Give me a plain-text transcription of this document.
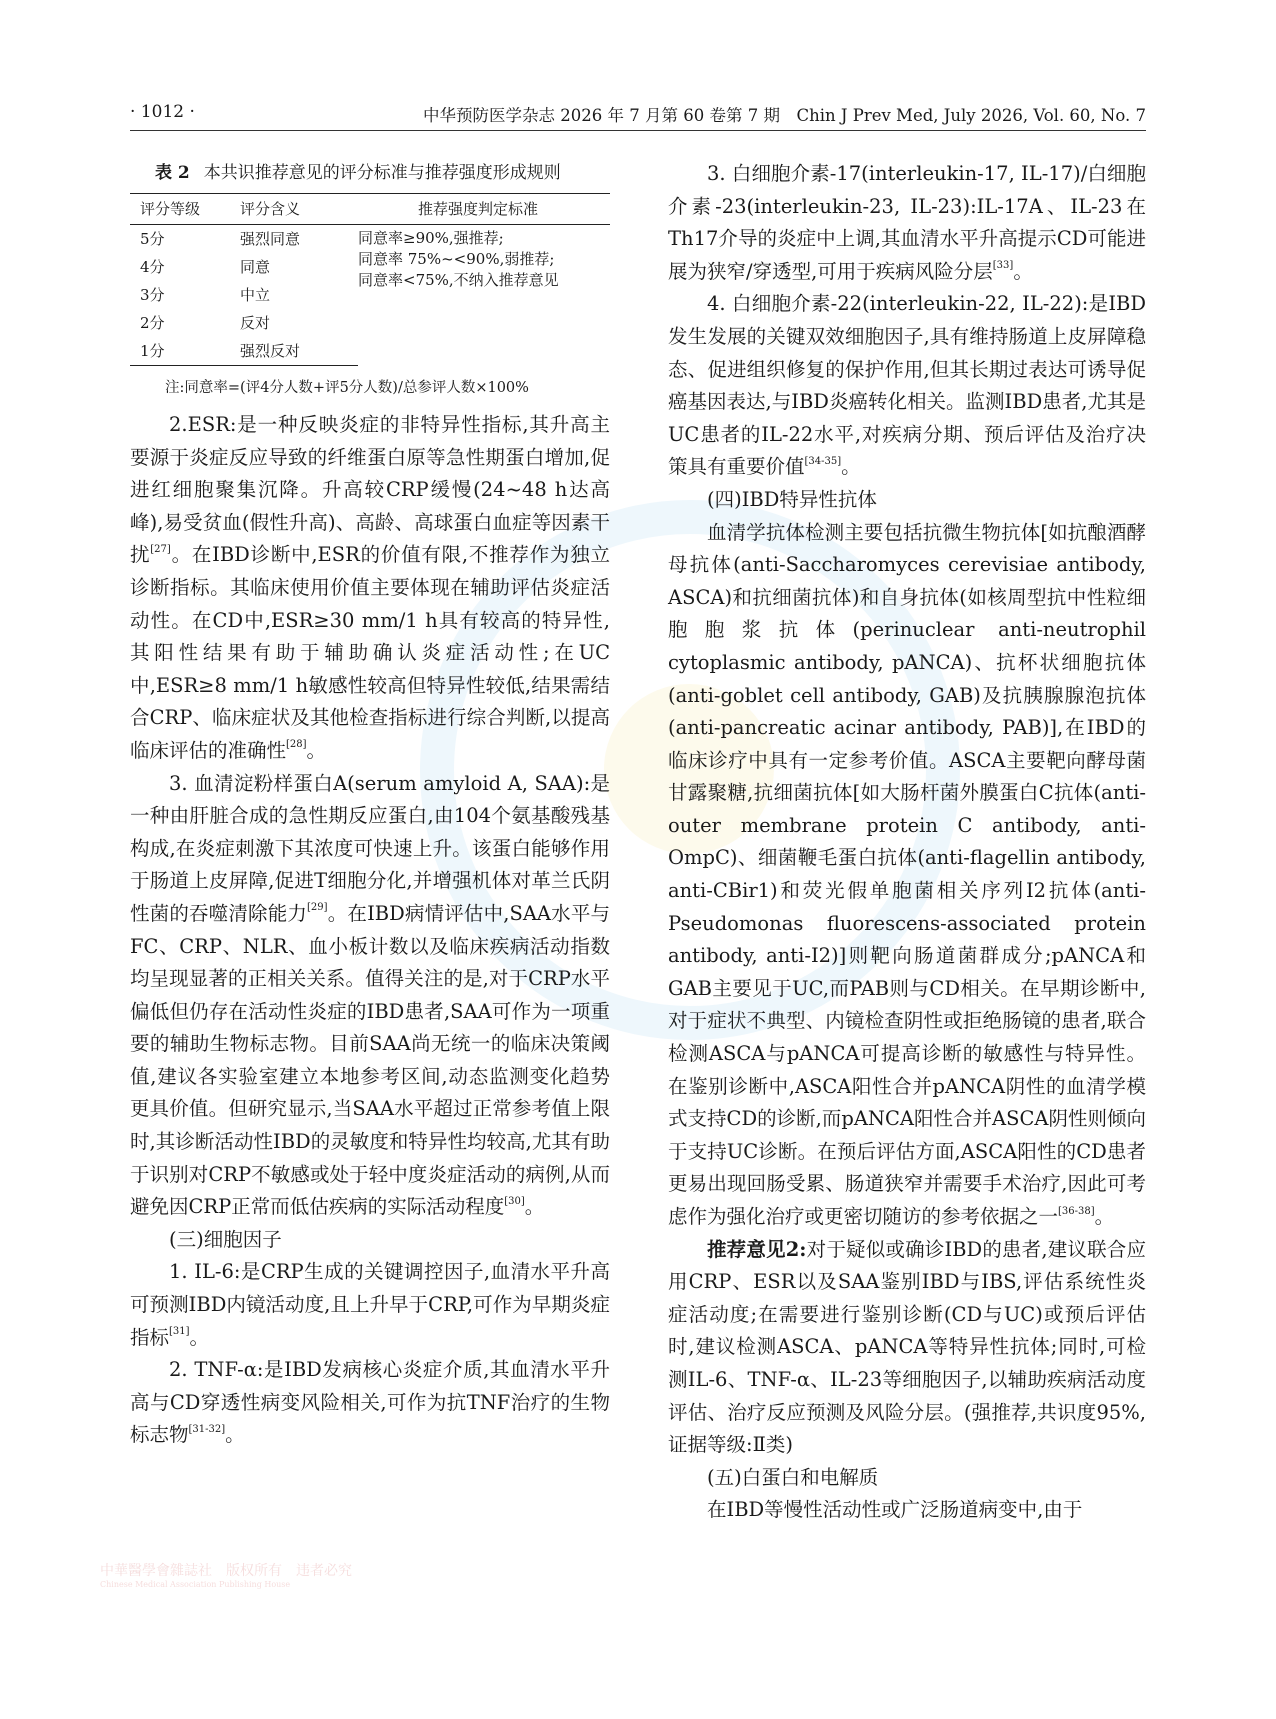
· 1012 ·	中华预防医学杂志 2026 年 7 月第 60 卷第 7 期　Chin J Prev Med, July 2026, Vol. 60, No. 7
表 2 本共识推荐意见的评分标准与推荐强度形成规则
评分等级	评分含义	推荐强度判定标准
5分	强烈同意	同意率≥90%,强推荐;
同意率 75%~<90%,弱推荐;
同意率<75%,不纳入推荐意见

4分	同意	
3分	中立	
2分	反对	
1分	强烈反对	
注:同意率=(评4分人数+评5分人数)/总参评人数×100%

2.ESR:是一种反映炎症的非特异性指标,其升高主要源于炎症反应导致的纤维蛋白原等急性期蛋白增加,促进红细胞聚集沉降。升高较CRP缓慢(24~48 h达高峰),易受贫血(假性升高)、高龄、高球蛋白血症等因素干扰[27]。在IBD诊断中,ESR的价值有限,不推荐作为独立诊断指标。其临床使用价值主要体现在辅助评估炎症活动性。在CD中,ESR≥30 mm/1 h具有较高的特异性,其阳性结果有助于辅助确认炎症活动性;在UC中,ESR≥8 mm/1 h敏感性较高但特异性较低,结果需结合CRP、临床症状及其他检查指标进行综合判断,以提高临床评估的准确性[28]。

3. 血清淀粉样蛋白A(serum amyloid A, SAA):是一种由肝脏合成的急性期反应蛋白,由104个氨基酸残基构成,在炎症刺激下其浓度可快速上升。该蛋白能够作用于肠道上皮屏障,促进T细胞分化,并增强机体对革兰氏阴性菌的吞噬清除能力[29]。在IBD病情评估中,SAA水平与FC、CRP、NLR、血小板计数以及临床疾病活动指数均呈现显著的正相关关系。值得关注的是,对于CRP水平偏低但仍存在活动性炎症的IBD患者,SAA可作为一项重要的辅助生物标志物。目前SAA尚无统一的临床决策阈值,建议各实验室建立本地参考区间,动态监测变化趋势更具价值。但研究显示,当SAA水平超过正常参考值上限时,其诊断活动性IBD的灵敏度和特异性均较高,尤其有助于识别对CRP不敏感或处于轻中度炎症活动的病例,从而避免因CRP正常而低估疾病的实际活动程度[30]。

(三)细胞因子

1. IL-6:是CRP生成的关键调控因子,血清水平升高可预测IBD内镜活动度,且上升早于CRP,可作为早期炎症指标[31]。

2. TNF-α:是IBD发病核心炎症介质,其血清水平升高与CD穿透性病变风险相关,可作为抗TNF治疗的生物标志物[31-32]。

3. 白细胞介素-17(interleukin-17, IL-17)/白细胞介素-23(interleukin-23, IL-23):IL-17A、IL-23在Th17介导的炎症中上调,其血清水平升高提示CD可能进展为狭窄/穿透型,可用于疾病风险分层[33]。

4. 白细胞介素-22(interleukin-22, IL-22):是IBD发生发展的关键双效细胞因子,具有维持肠道上皮屏障稳态、促进组织修复的保护作用,但其长期过表达可诱导促癌基因表达,与IBD炎癌转化相关。监测IBD患者,尤其是UC患者的IL-22水平,对疾病分期、预后评估及治疗决策具有重要价值[34-35]。

(四)IBD特异性抗体

血清学抗体检测主要包括抗微生物抗体[如抗酿酒酵母抗体(anti-Saccharomyces cerevisiae antibody, ASCA)和抗细菌抗体)和自身抗体(如核周型抗中性粒细胞胞浆抗体(perinuclear anti-neutrophil cytoplasmic antibody, pANCA)、抗杯状细胞抗体(anti-goblet cell antibody, GAB)及抗胰腺腺泡抗体(anti-pancreatic acinar antibody, PAB)],在IBD的临床诊疗中具有一定参考价值。ASCA主要靶向酵母菌甘露聚糖,抗细菌抗体[如大肠杆菌外膜蛋白C抗体(anti-outer membrane protein C antibody, anti-OmpC)、细菌鞭毛蛋白抗体(anti-flagellin antibody, anti-CBir1)和荧光假单胞菌相关序列I2抗体(anti-Pseudomonas fluorescens-associated protein antibody, anti-I2)]则靶向肠道菌群成分;pANCA和GAB主要见于UC,而PAB则与CD相关。在早期诊断中,对于症状不典型、内镜检查阴性或拒绝肠镜的患者,联合检测ASCA与pANCA可提高诊断的敏感性与特异性。在鉴别诊断中,ASCA阳性合并pANCA阴性的血清学模式支持CD的诊断,而pANCA阳性合并ASCA阴性则倾向于支持UC诊断。在预后评估方面,ASCA阳性的CD患者更易出现回肠受累、肠道狭窄并需要手术治疗,因此可考虑作为强化治疗或更密切随访的参考依据之一[36-38]。

推荐意见2:对于疑似或确诊IBD的患者,建议联合应用CRP、ESR以及SAA鉴别IBD与IBS,评估系统性炎症活动度;在需要进行鉴别诊断(CD与UC)或预后评估时,建议检测ASCA、pANCA等特异性抗体;同时,可检测IL-6、TNF-α、IL-23等细胞因子,以辅助疾病活动度评估、治疗反应预测及风险分层。(强推荐,共识度95%,证据等级:Ⅱ类)

(五)白蛋白和电解质

在IBD等慢性活动性或广泛肠道病变中,由于

中華醫學會雜誌社　版权所有　违者必究
Chinese Medical Association Publishing House
